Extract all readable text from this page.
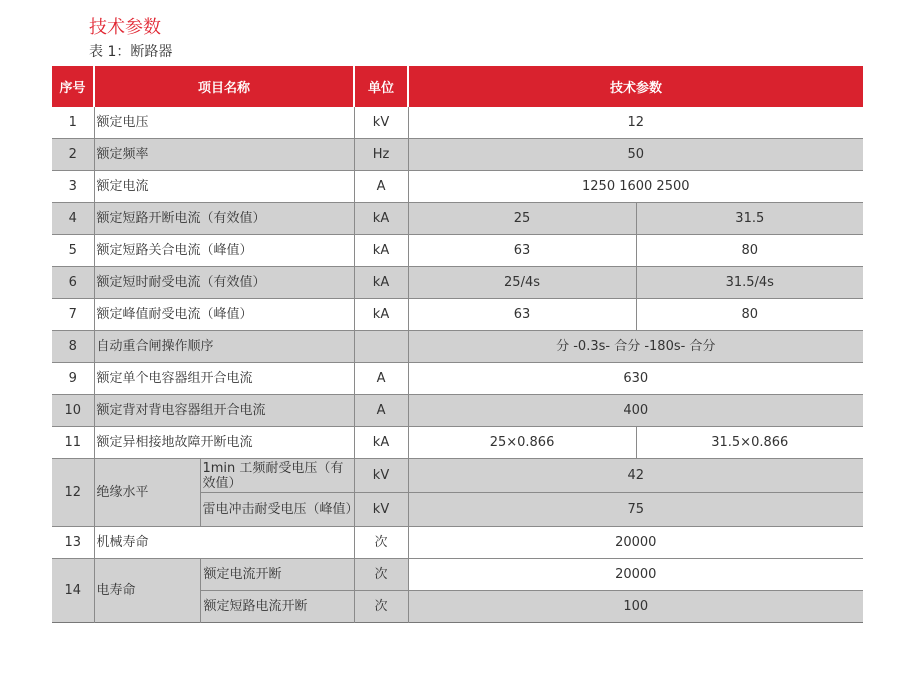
技术参数
表 1：断路器
序号	项目名称		单位	技术参数	
1	额定电压		kV	12	
2	额定频率		Hz	50	
3	额定电流		A	1250 1600 2500	
4	额定短路开断电流（有效值）		kA	25	31.5
5	额定短路关合电流（峰值）		kA	63	80
6	额定短时耐受电流（有效值）		kA	25/4s	31.5/4s
7	额定峰值耐受电流（峰值）		kA	63	80
8	自动重合闸操作顺序			分 -0.3s- 合分 -180s- 合分	
9	额定单个电容器组开合电流		A	630	
10	额定背对背电容器组开合电流		A	400	
11	额定异相接地故障开断电流		kA	25×0.866	31.5×0.866
12	绝缘水平	1min 工频耐受电压（有效值）	kV	42	
		雷电冲击耐受电压（峰值）	kV	75	
13	机械寿命		次	20000	
14	电寿命	额定电流开断	次	20000	
		额定短路电流开断	次	100	
